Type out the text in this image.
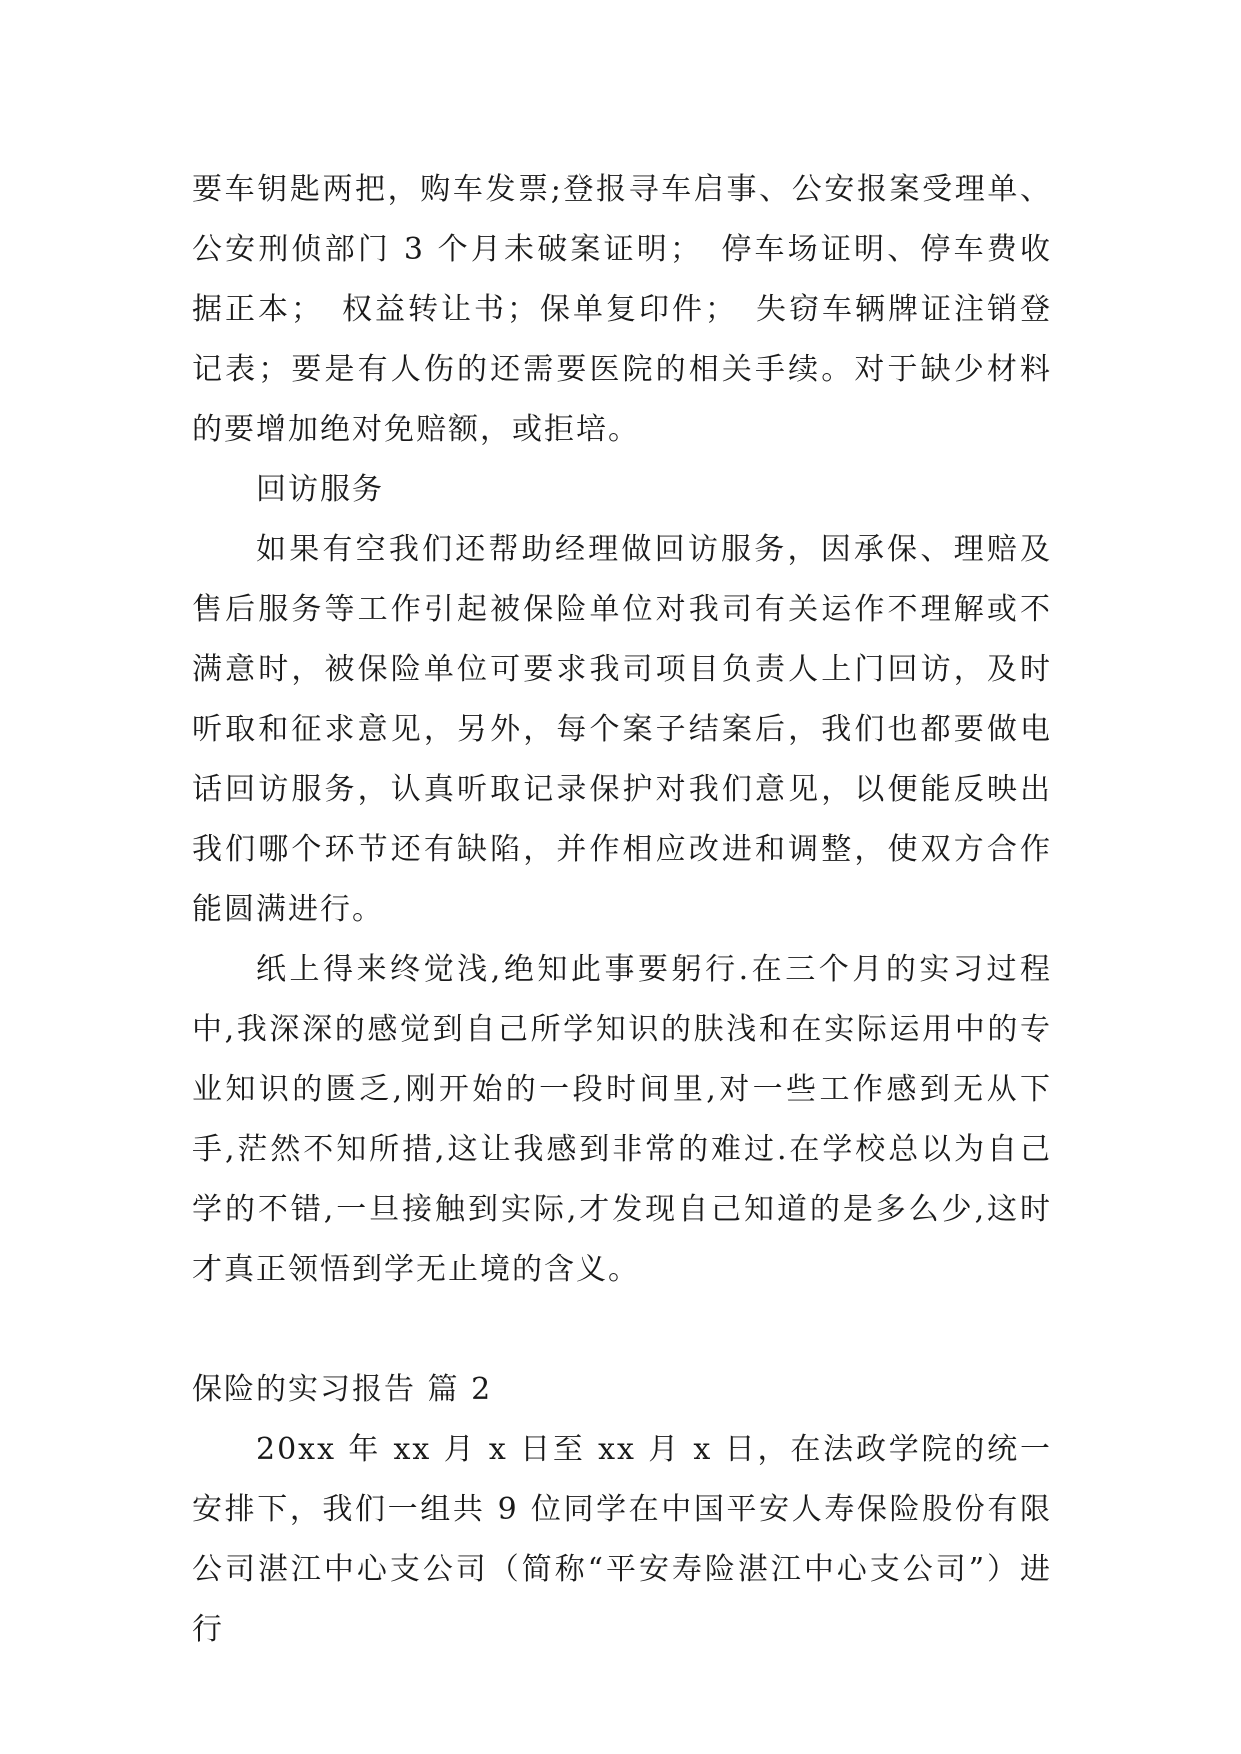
要车钥匙两把，购车发票;登报寻车启事、公安报案受理单、公安刑侦部门 3 个月未破案证明；　停车场证明、停车费收据正本；　权益转让书；保单复印件；　失窃车辆牌证注销登记表；要是有人伤的还需要医院的相关手续。对于缺少材料的要增加绝对免赔额，或拒培。

回访服务

如果有空我们还帮助经理做回访服务，因承保、理赔及售后服务等工作引起被保险单位对我司有关运作不理解或不满意时，被保险单位可要求我司项目负责人上门回访，及时听取和征求意见，另外，每个案子结案后，我们也都要做电话回访服务，认真听取记录保护对我们意见，以便能反映出我们哪个环节还有缺陷，并作相应改进和调整，使双方合作能圆满进行。

纸上得来终觉浅,绝知此事要躬行.在三个月的实习过程中,我深深的感觉到自己所学知识的肤浅和在实际运用中的专业知识的匮乏,刚开始的一段时间里,对一些工作感到无从下手,茫然不知所措,这让我感到非常的难过.在学校总以为自己学的不错,一旦接触到实际,才发现自己知道的是多么少,这时才真正领悟到学无止境的含义。

保险的实习报告 篇 2

20xx 年 xx 月 x 日至 xx 月 x 日，在法政学院的统一安排下，我们一组共 9 位同学在中国平安人寿保险股份有限公司湛江中心支公司（简称“平安寿险湛江中心支公司”）进行
